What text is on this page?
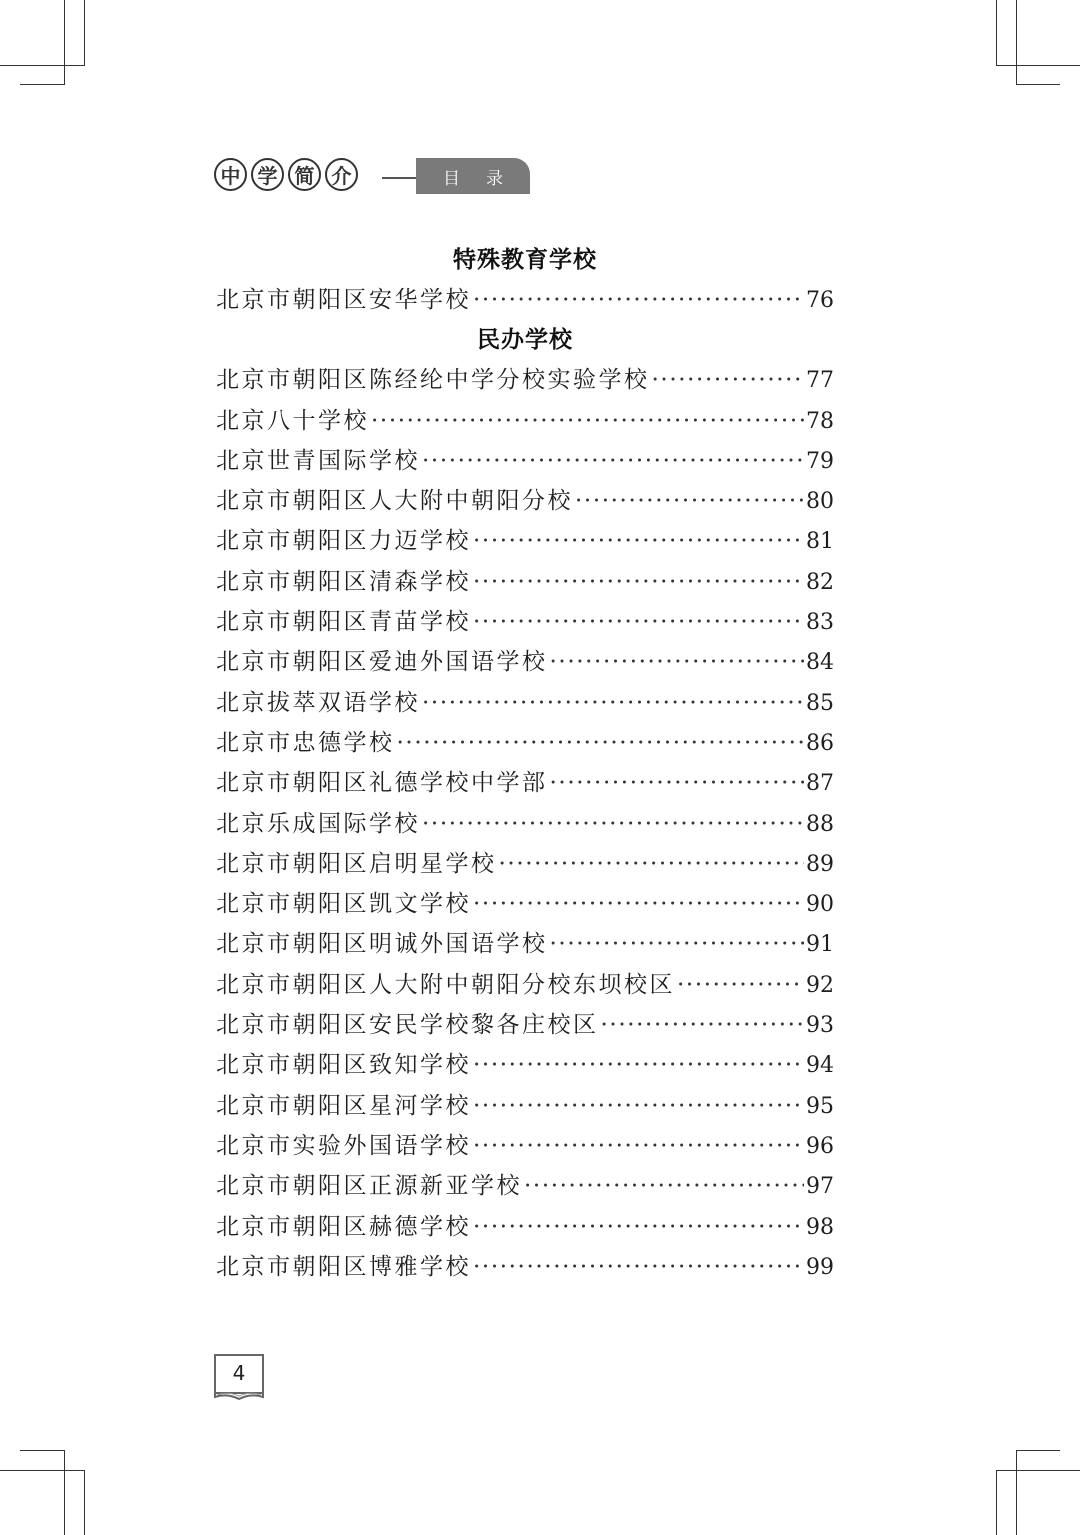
中 学 简 介	目录
特殊教育学校
北京市朝阳区安华学校 ·····	76
民办学校
北京市朝阳区陈经纶中学分校实验学校 ·····	77
北京八十学校 ·····	78
北京世青国际学校 ·····	79
北京市朝阳区人大附中朝阳分校 ·····	80
北京市朝阳区力迈学校 ·····	81
北京市朝阳区清森学校 ·····	82
北京市朝阳区青苗学校 ·····	83
北京市朝阳区爱迪外国语学校 ·····	84
北京拔萃双语学校 ·····	85
北京市忠德学校 ·····	86
北京市朝阳区礼德学校中学部 ·····	87
北京乐成国际学校 ·····	88
北京市朝阳区启明星学校 ·····	89
北京市朝阳区凯文学校 ·····	90
北京市朝阳区明诚外国语学校 ·····	91
北京市朝阳区人大附中朝阳分校东坝校区 ·····	92
北京市朝阳区安民学校黎各庄校区 ·····	93
北京市朝阳区致知学校 ·····	94
北京市朝阳区星河学校 ·····	95
北京市实验外国语学校 ·····	96
北京市朝阳区正源新亚学校 ·····	97
北京市朝阳区赫德学校 ·····	98
北京市朝阳区博雅学校 ·····	99
4
